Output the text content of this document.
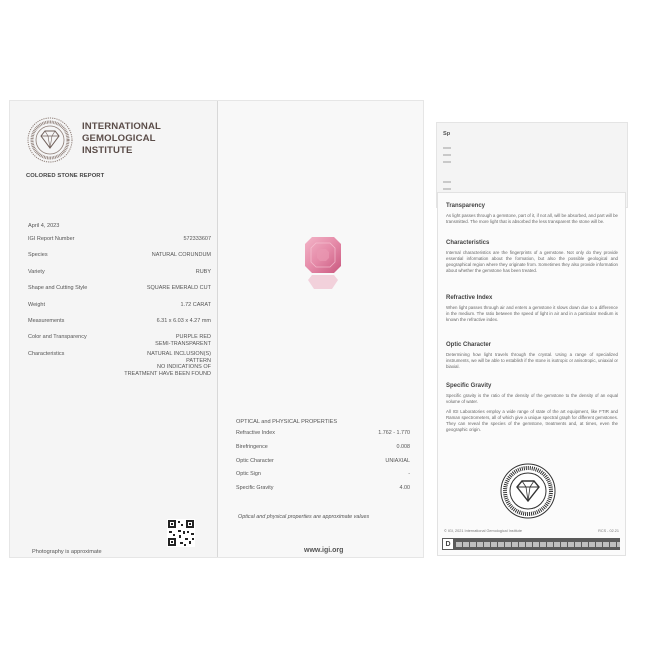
Sp
INTERNATIONAL
GEMOLOGICAL
INSTITUTE
COLORED STONE REPORT
April 4, 2023
IGI Report Number	572333607
Species	NATURAL CORUNDUM
Variety	RUBY
Shape and Cutting Style	SQUARE EMERALD CUT
Weight	1.72 CARAT
Measurements	6.31 x 6.03 x 4.27 mm
Color and Transparency	PURPLE RED
SEMI-TRANSPARENT
Characteristics	NATURAL INCLUSION(S)
PATTERN
NO INDICATIONS OF
TREATMENT HAVE BEEN FOUND
Photography is approximate
OPTICAL and PHYSICAL PROPERTIES
Refractive Index	1.762 - 1.770
Birefringence	0.008
Optic Character	UNIAXIAL
Optic Sign	-
Specific Gravity	4.00
Optical and physical properties are approximate values
www.igi.org
Transparency
As light passes through a gemstone, part of it, if not all, will be absorbed, and part will be transmitted. The more light that is absorbed the less transparent the stone will be.
Characteristics
Internal characteristics are the fingerprints of a gemstone. Not only do they provide essential information about the formation, but also the possible geological and geographical region where they originate from. Sometimes they also provide information about whether the gemstone has been treated.
Refractive Index
When light passes through air and enters a gemstone it slows down due to a difference in the medium. The ratio between the speed of light in air and in a particular medium is known the refractive index.
Optic Character
Determining how light travels through the crystal. Using a range of specialized instruments, we will be able to establish if the stone is isotropic or anisotropic, uniaxial or biaxial.
Specific Gravity
Specific gravity is the ratio of the density of the gemstone to the density of an equal volume of water.
All IGI Laboratories employ a wide range of state of the art equipment, like FTIR and Raman spectrometers, all of which give a unique spectral graph for different gemstones. They can reveal the species of the gemstone, treatments and, at times, even the geographic origin.
© IGI, 2021 International Gemological Institute	RCS - 02.21
D
